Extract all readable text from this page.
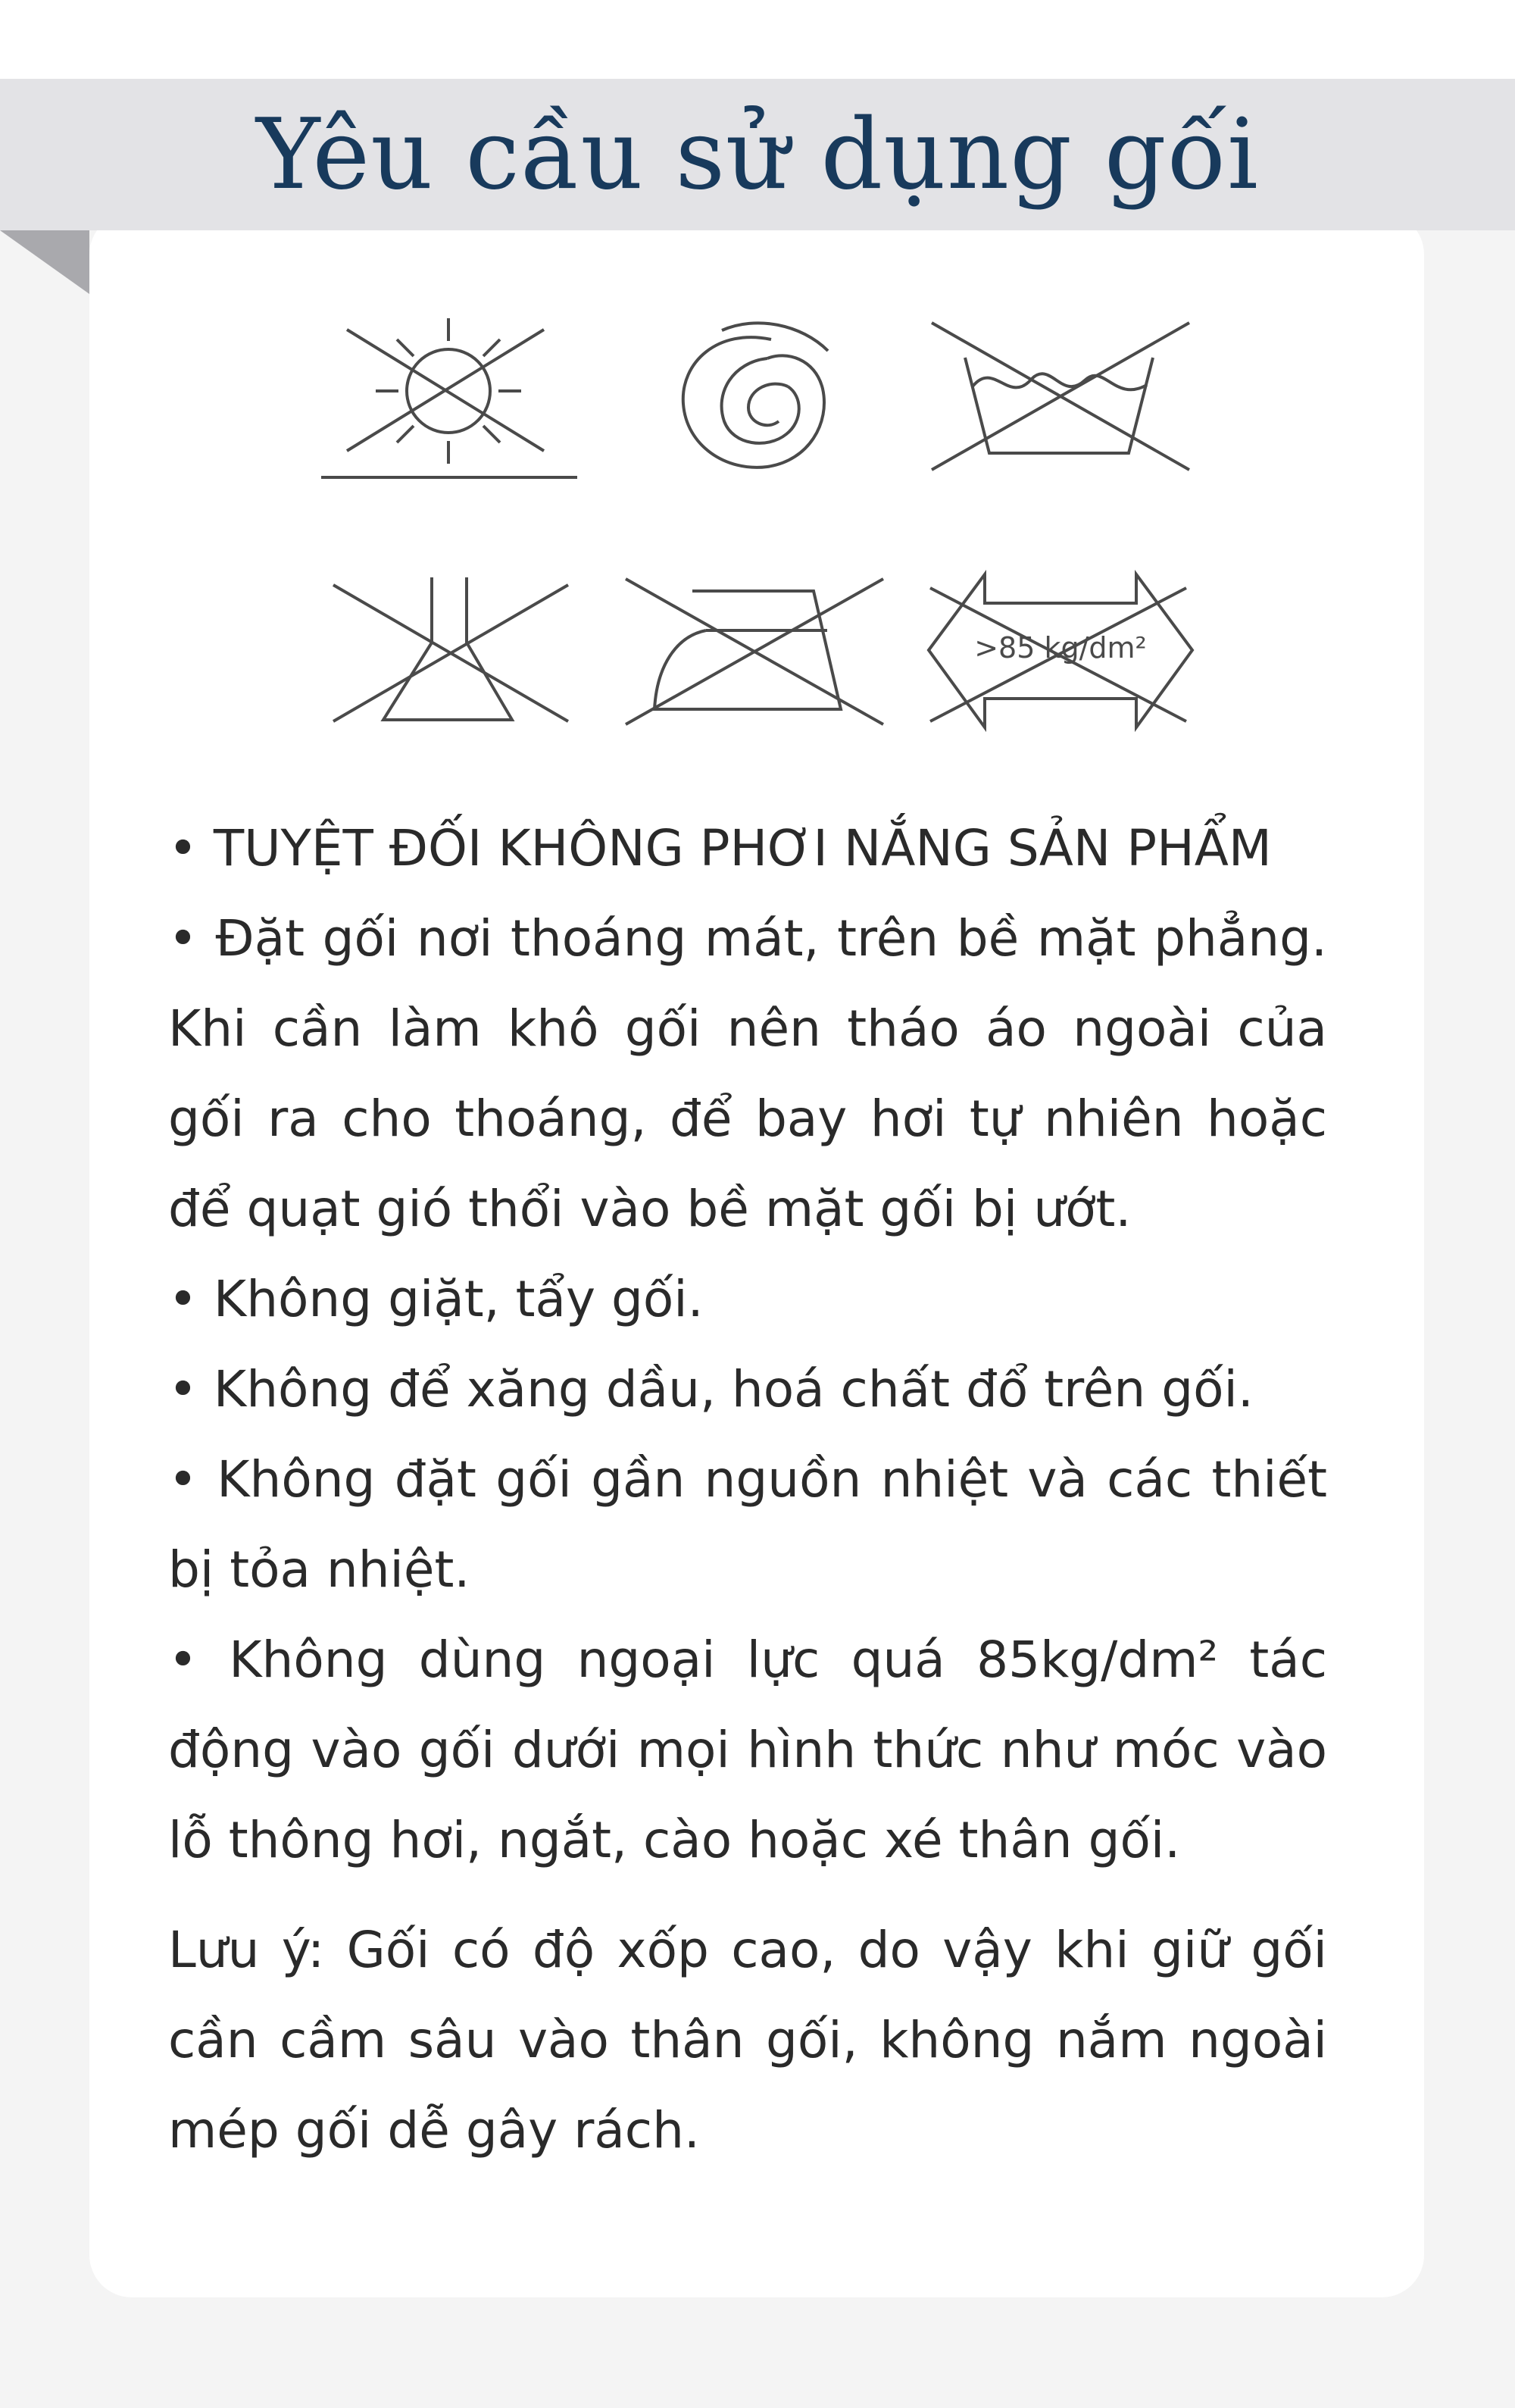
Yêu cầu sử dụng gối
>85 kg/dm²

• TUYỆT ĐỐI KHÔNG PHƠI NẮNG SẢN PHẨM

• Đặt gối nơi thoáng mát, trên bề mặt phẳng. Khi cần làm khô gối nên tháo áo ngoài của gối ra cho thoáng, để bay hơi tự nhiên hoặc để quạt gió thổi vào bề mặt gối bị ướt.

• Không giặt, tẩy gối.

• Không để xăng dầu, hoá chất đổ trên gối.

• Không đặt gối gần nguồn nhiệt và các thiết bị tỏa nhiệt.

• Không dùng ngoại lực quá 85kg/dm² tác động vào gối dưới mọi hình thức như móc vào lỗ thông hơi, ngắt, cào hoặc xé thân gối.

Lưu ý: Gối có độ xốp cao, do vậy khi giữ gối cần cầm sâu vào thân gối, không nắm ngoài mép gối dễ gây rách.
